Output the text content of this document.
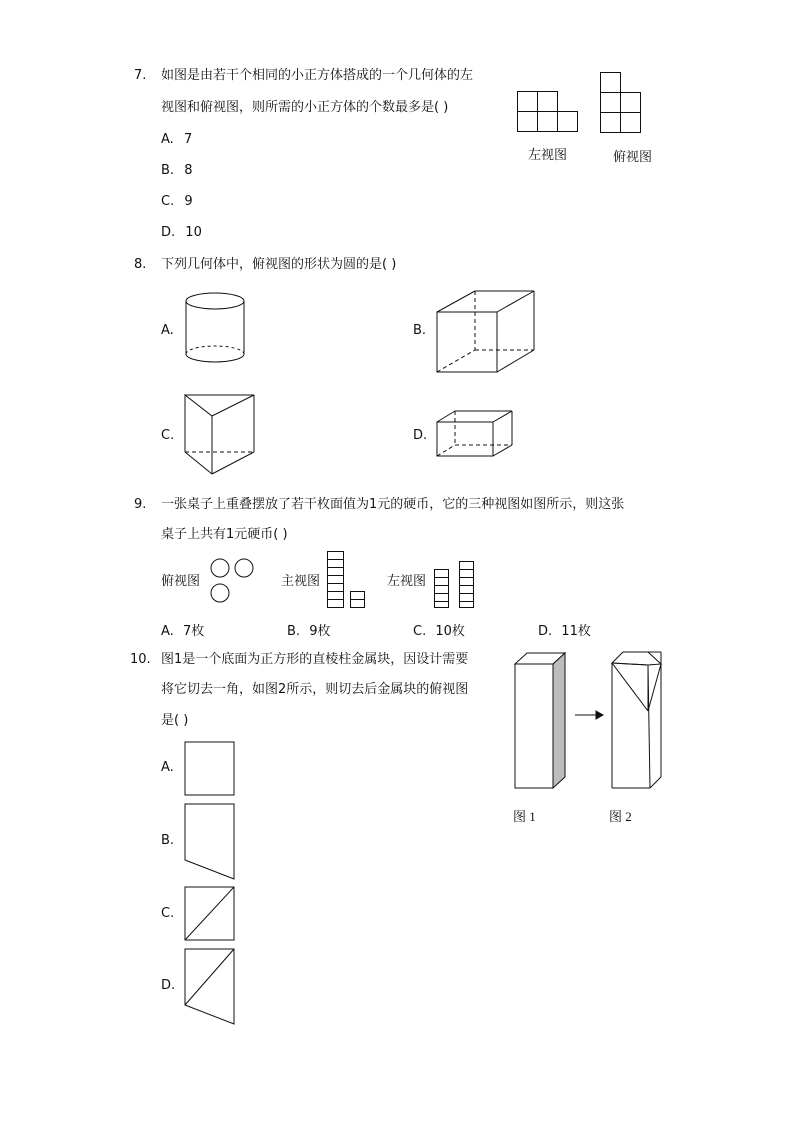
7. 如图是由若干个相同的小正方体搭成的一个几何体的左
视图和俯视图，则所需的小正方体的个数最多是( )
A. 7
B. 8
C. 9
D. 10
左视图	俯视图
8. 下列几何体中，俯视图的形状为圆的是( )
A.	B.
C.	D.
9. 一张桌子上重叠摆放了若干枚面值为1元的硬币，它的三种视图如图所示，则这张
桌子上共有1元硬币( )
俯视图	主视图	左视图
A. 7枚	B. 9枚	C. 10枚	D. 11枚
10. 图1是一个底面为正方形的直棱柱金属块，因设计需要
将它切去一角，如图2所示，则切去后金属块的俯视图
是( )
图 1	图 2
A.
B.
C.
D.
